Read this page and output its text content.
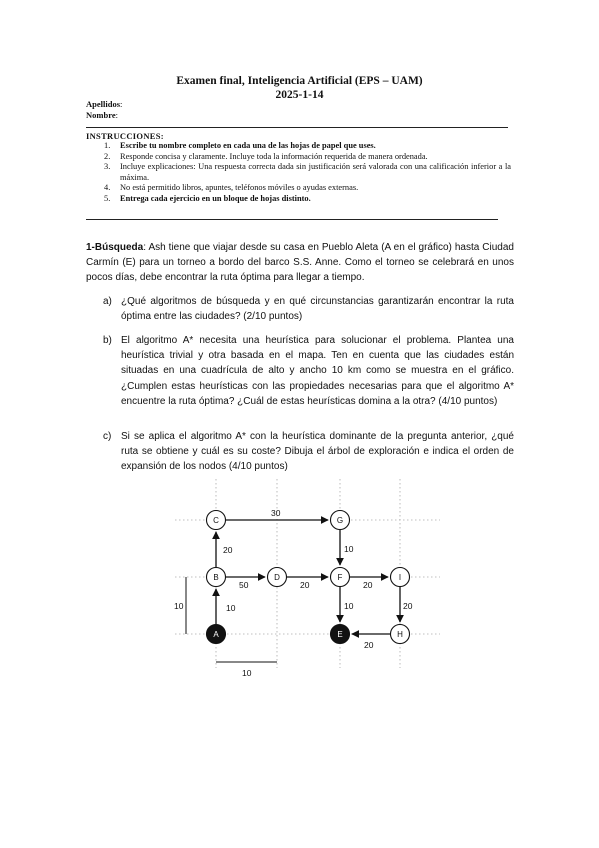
Examen final, Inteligencia Artificial (EPS – UAM)
2025-1-14
Apellidos:
Nombre:
INSTRUCCIONES:
1. Escribe tu nombre completo en cada una de las hojas de papel que uses.
2. Responde concisa y claramente. Incluye toda la información requerida de manera ordenada.
3. Incluye explicaciones: Una respuesta correcta dada sin justificación será valorada con una calificación inferior a la máxima.
4. No está permitido libros, apuntes, teléfonos móviles o ayudas externas.
5. Entrega cada ejercicio en un bloque de hojas distinto.
1-Búsqueda: Ash tiene que viajar desde su casa en Pueblo Aleta (A en el gráfico) hasta Ciudad Carmín (E) para un torneo a bordo del barco S.S. Anne. Como el torneo se celebrará en unos pocos días, debe encontrar la ruta óptima para llegar a tiempo.
a) ¿Qué algoritmos de búsqueda y en qué circunstancias garantizarán encontrar la ruta óptima entre las ciudades? (2/10 puntos)
b) El algoritmo A* necesita una heurística para solucionar el problema. Plantea una heurística trivial y otra basada en el mapa. Ten en cuenta que las ciudades están situadas en una cuadrícula de alto y ancho 10 km como se muestra en el gráfico. ¿Cumplen estas heurísticas con las propiedades necesarias para que el algoritmo A* encuentre la ruta óptima? ¿Cuál de estas heurísticas domina a la otra? (4/10 puntos)
c) Si se aplica el algoritmo A* con la heurística dominante de la pregunta anterior, ¿qué ruta se obtiene y cuál es su coste? Dibuja el árbol de exploración e indica el orden de expansión de los nodos (4/10 puntos)
10
20
30
10
50	20	20
10	20
20
C	G
B	D	F	I
A	E	H
10
10
